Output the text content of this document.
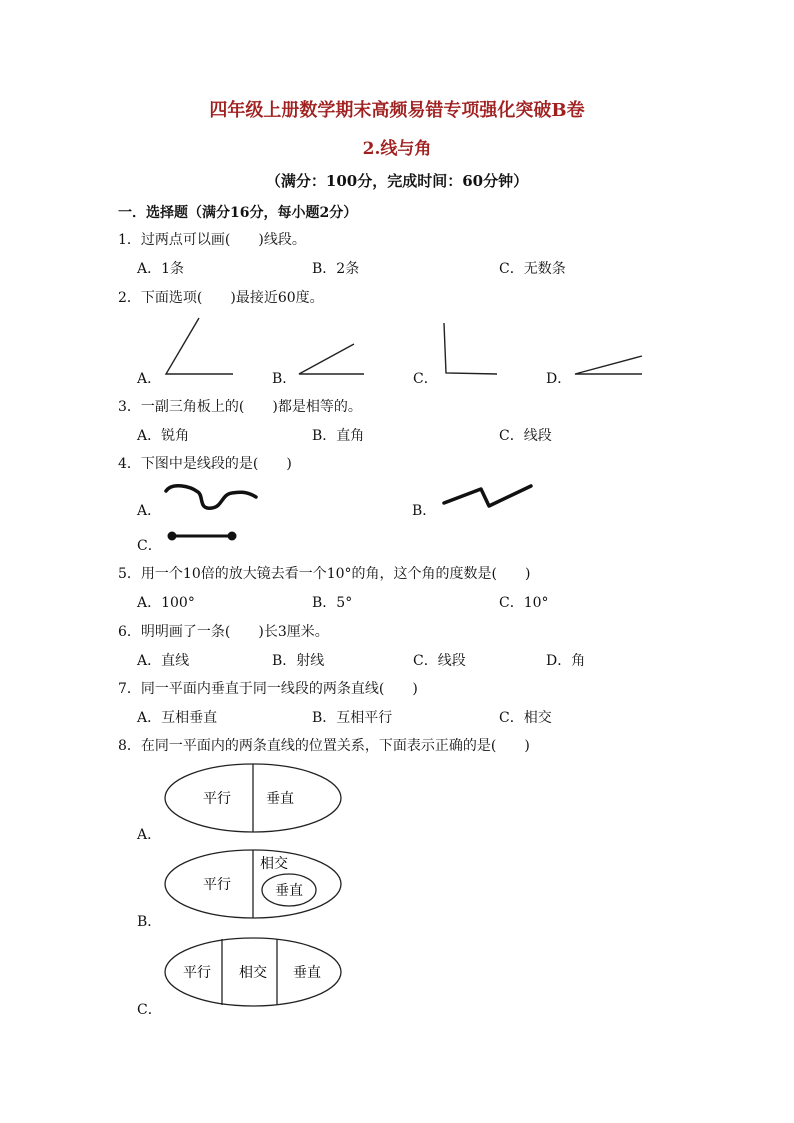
四年级上册数学期末高频易错专项强化突破B卷
2.线与角
（满分：100分，完成时间：60分钟）
一．选择题（满分16分，每小题2分）
1．过两点可以画(　　)线段。
A．1条	B．2条	C．无数条
2．下面选项(　　)最接近60度。
A．	B．	C．	D．
3．一副三角板上的(　　)都是相等的。
A．锐角	B．直角	C．线段
4．下图中是线段的是(　　)
A．	B．
C．
5．用一个10倍的放大镜去看一个10°的角，这个角的度数是(　　)
A．100°	B．5°	C．10°
6．明明画了一条(　　)长3厘米。
A．直线	B．射线	C．线段	D．角
7．同一平面内垂直于同一线段的两条直线(　　)
A．互相垂直	B．互相平行	C．相交
8．在同一平面内的两条直线的位置关系，下面表示正确的是(　　)
A．
B．
C．
平行	垂直
平行
相交
垂直
平行 相交 垂直
